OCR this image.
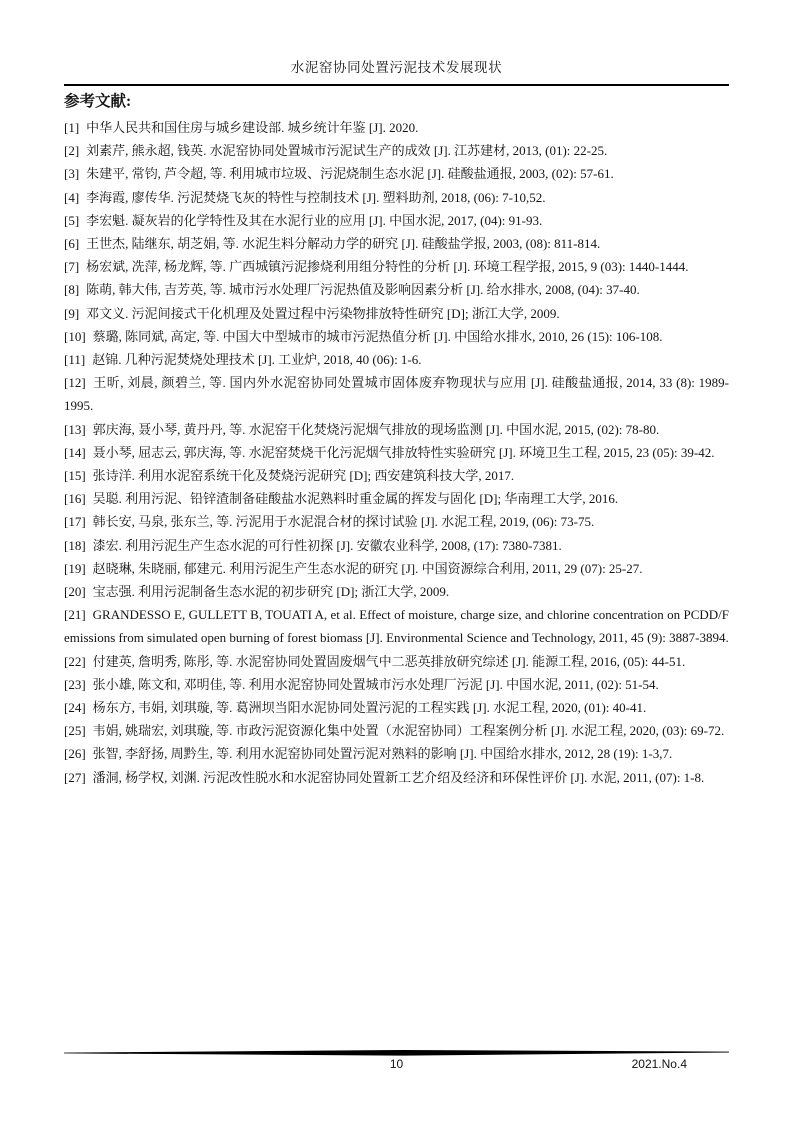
水泥窑协同处置污泥技术发展现状
参考文献:

[1] 中华人民共和国住房与城乡建设部. 城乡统计年鉴 [J]. 2020.

[2] 刘素芹, 熊永超, 钱英. 水泥窑协同处置城市污泥试生产的成效 [J]. 江苏建材, 2013, (01): 22-25.

[3] 朱建平, 常钧, 芦令超, 等. 利用城市垃圾、污泥烧制生态水泥 [J]. 硅酸盐通报, 2003, (02): 57-61.

[4] 李海霞, 廖传华. 污泥焚烧飞灰的特性与控制技术 [J]. 塑料助剂, 2018, (06): 7-10,52.

[5] 李宏魁. 凝灰岩的化学特性及其在水泥行业的应用 [J]. 中国水泥, 2017, (04): 91-93.

[6] 王世杰, 陆继东, 胡芝娟, 等. 水泥生料分解动力学的研究 [J]. 硅酸盐学报, 2003, (08): 811-814.

[7] 杨宏斌, 冼萍, 杨龙辉, 等. 广西城镇污泥掺烧利用组分特性的分析 [J]. 环境工程学报, 2015, 9 (03): 1440-1444.

[8] 陈萌, 韩大伟, 吉芳英, 等. 城市污水处理厂污泥热值及影响因素分析 [J]. 给水排水, 2008, (04): 37-40.

[9] 邓文义. 污泥间接式干化机理及处置过程中污染物排放特性研究 [D]; 浙江大学, 2009.

[10] 蔡璐, 陈同斌, 高定, 等. 中国大中型城市的城市污泥热值分析 [J]. 中国给水排水, 2010, 26 (15): 106-108.

[11] 赵锦. 几种污泥焚烧处理技术 [J]. 工业炉, 2018, 40 (06): 1-6.

[12] 王昕, 刘晨, 颜碧兰, 等. 国内外水泥窑协同处置城市固体废弃物现状与应用 [J]. 硅酸盐通报, 2014, 33 (8): 1989-1995.

[13] 郭庆海, 聂小琴, 黄丹丹, 等. 水泥窑干化焚烧污泥烟气排放的现场监测 [J]. 中国水泥, 2015, (02): 78-80.

[14] 聂小琴, 屈志云, 郭庆海, 等. 水泥窑焚烧干化污泥烟气排放特性实验研究 [J]. 环境卫生工程, 2015, 23 (05): 39-42.

[15] 张诗洋. 利用水泥窑系统干化及焚烧污泥研究 [D]; 西安建筑科技大学, 2017.

[16] 吴聪. 利用污泥、铅锌渣制备硅酸盐水泥熟料时重金属的挥发与固化 [D]; 华南理工大学, 2016.

[17] 韩长安, 马泉, 张东兰, 等. 污泥用于水泥混合材的探讨试验 [J]. 水泥工程, 2019, (06): 73-75.

[18] 漆宏. 利用污泥生产生态水泥的可行性初探 [J]. 安徽农业科学, 2008, (17): 7380-7381.

[19] 赵晓琳, 朱晓丽, 郁建元. 利用污泥生产生态水泥的研究 [J]. 中国资源综合利用, 2011, 29 (07): 25-27.

[20] 宝志强. 利用污泥制备生态水泥的初步研究 [D]; 浙江大学, 2009.

[21] GRANDESSO E, GULLETT B, TOUATI A, et al. Effect of moisture, charge size, and chlorine concentration on PCDD/F emissions from simulated open burning of forest biomass [J]. Environmental Science and Technology, 2011, 45 (9): 3887-3894.

[22] 付建英, 詹明秀, 陈彤, 等. 水泥窑协同处置固废烟气中二恶英排放研究综述 [J]. 能源工程, 2016, (05): 44-51.

[23] 张小雄, 陈文和, 邓明佳, 等. 利用水泥窑协同处置城市污水处理厂污泥 [J]. 中国水泥, 2011, (02): 51-54.

[24] 杨东方, 韦娟, 刘琪璇, 等. 葛洲坝当阳水泥协同处置污泥的工程实践 [J]. 水泥工程, 2020, (01): 40-41.

[25] 韦娟, 姚瑞宏, 刘琪璇, 等. 市政污泥资源化集中处置（水泥窑协同）工程案例分析 [J]. 水泥工程, 2020, (03): 69-72.

[26] 张智, 李舒扬, 周黔生, 等. 利用水泥窑协同处置污泥对熟料的影响 [J]. 中国给水排水, 2012, 28 (19): 1-3,7.

[27] 潘洞, 杨学权, 刘渊. 污泥改性脱水和水泥窑协同处置新工艺介绍及经济和环保性评价 [J]. 水泥, 2011, (07): 1-8.

10	2021.No.4
